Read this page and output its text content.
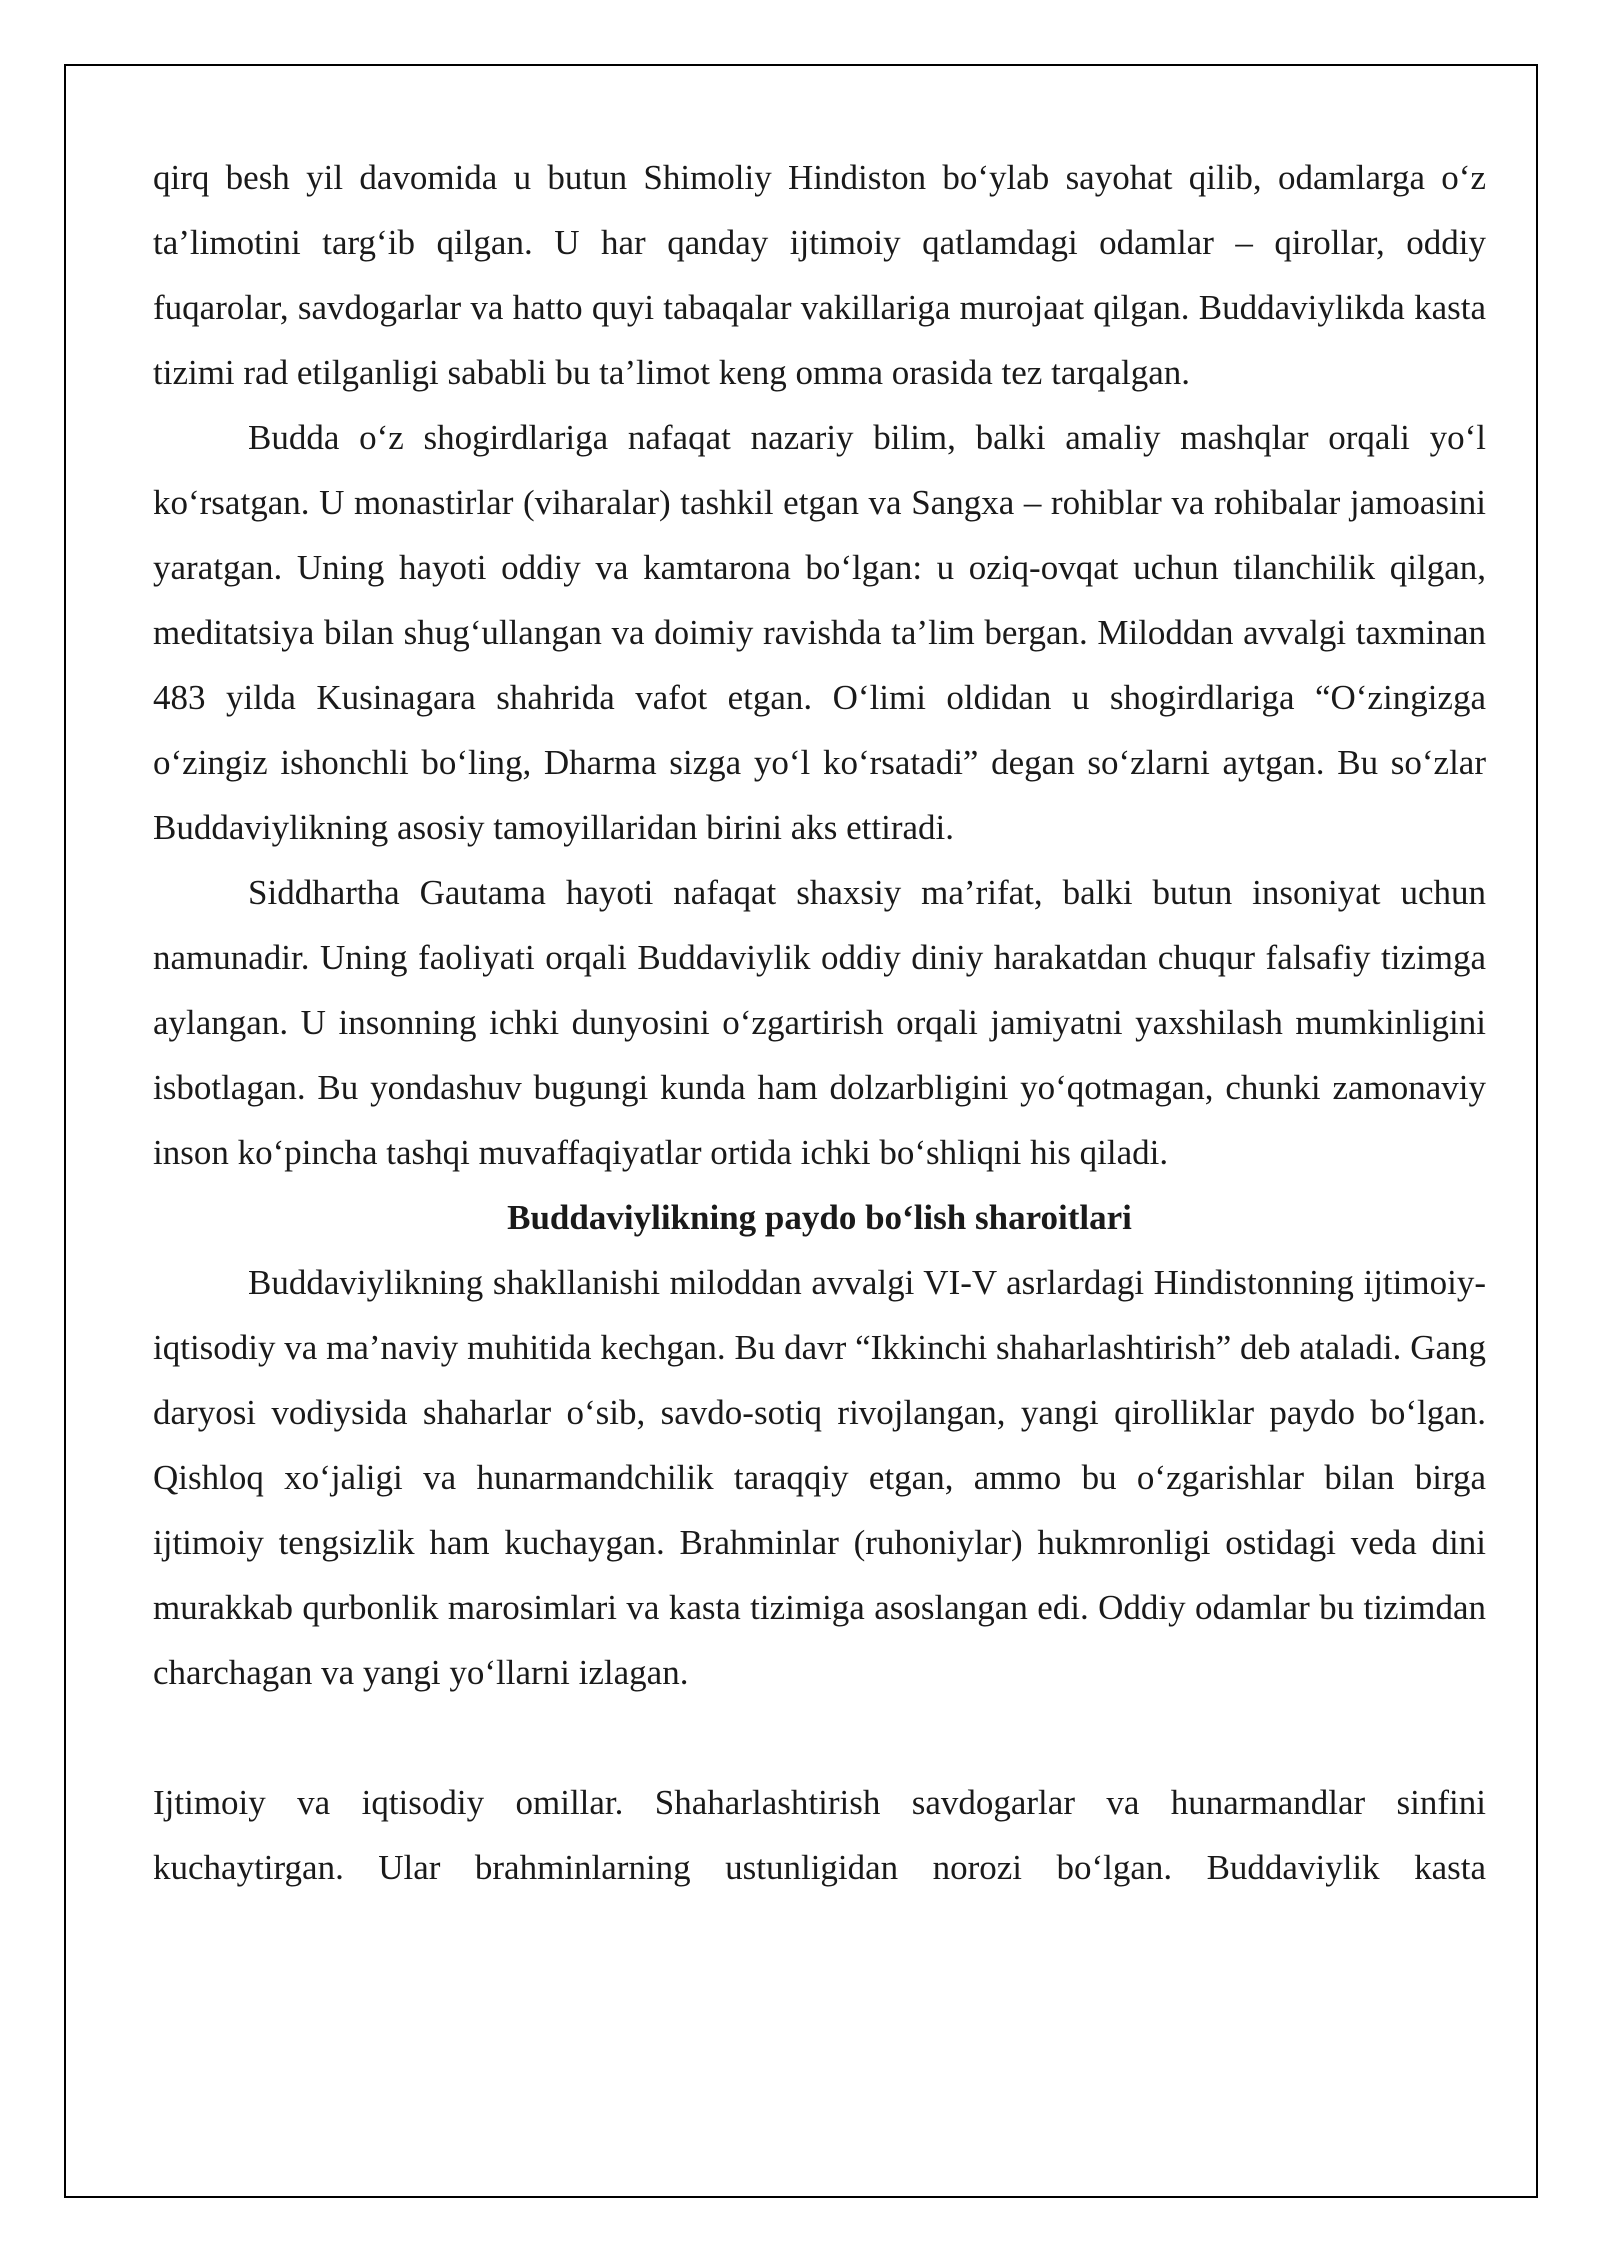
qirq besh yil davomida u butun Shimoliy Hindiston bo‘ylab sayohat qilib, odamlarga o‘z ta’limotini targ‘ib qilgan. U har qanday ijtimoiy qatlamdagi odamlar – qirollar, oddiy fuqarolar, savdogarlar va hatto quyi tabaqalar vakillariga murojaat qilgan. Buddaviylikda kasta tizimi rad etilganligi sababli bu ta’limot keng omma orasida tez tarqalgan.

Budda o‘z shogirdlariga nafaqat nazariy bilim, balki amaliy mashqlar orqali yo‘l ko‘rsatgan. U monastirlar (viharalar) tashkil etgan va Sangxa – rohiblar va rohibalar jamoasini yaratgan. Uning hayoti oddiy va kamtarona bo‘lgan: u oziq-ovqat uchun tilanchilik qilgan, meditatsiya bilan shug‘ullangan va doimiy ravishda ta’lim bergan. Miloddan avvalgi taxminan 483 yilda Kusinagara shahrida vafot etgan. O‘limi oldidan u shogirdlariga “O‘zingizga o‘zingiz ishonchli bo‘ling, Dharma sizga yo‘l ko‘rsatadi” degan so‘zlarni aytgan. Bu so‘zlar Buddaviylikning asosiy tamoyillaridan birini aks ettiradi.

Siddhartha Gautama hayoti nafaqat shaxsiy ma’rifat, balki butun insoniyat uchun namunadir. Uning faoliyati orqali Buddaviylik oddiy diniy harakatdan chuqur falsafiy tizimga aylangan. U insonning ichki dunyosini o‘zgartirish orqali jamiyatni yaxshilash mumkinligini isbotlagan. Bu yondashuv bugungi kunda ham dolzarbligini yo‘qotmagan, chunki zamonaviy inson ko‘pincha tashqi muvaffaqiyatlar ortida ichki bo‘shliqni his qiladi.

Buddaviylikning paydo bo‘lish sharoitlari

Buddaviylikning shakllanishi miloddan avvalgi VI-V asrlardagi Hindistonning ijtimoiy-iqtisodiy va ma’naviy muhitida kechgan. Bu davr “Ikkinchi shaharlashtirish” deb ataladi. Gang daryosi vodiysida shaharlar o‘sib, savdo-sotiq rivojlangan, yangi qirolliklar paydo bo‘lgan. Qishloq xo‘jaligi va hunarmandchilik taraqqiy etgan, ammo bu o‘zgarishlar bilan birga ijtimoiy tengsizlik ham kuchaygan. Brahminlar (ruhoniylar) hukmronligi ostidagi veda dini murakkab qurbonlik marosimlari va kasta tizimiga asoslangan edi. Oddiy odamlar bu tizimdan charchagan va yangi yo‘llarni izlagan.

Ijtimoiy va iqtisodiy omillar. Shaharlashtirish savdogarlar va hunarmandlar sinfini kuchaytirgan. Ular brahminlarning ustunligidan norozi bo‘lgan. Buddaviylik kasta
